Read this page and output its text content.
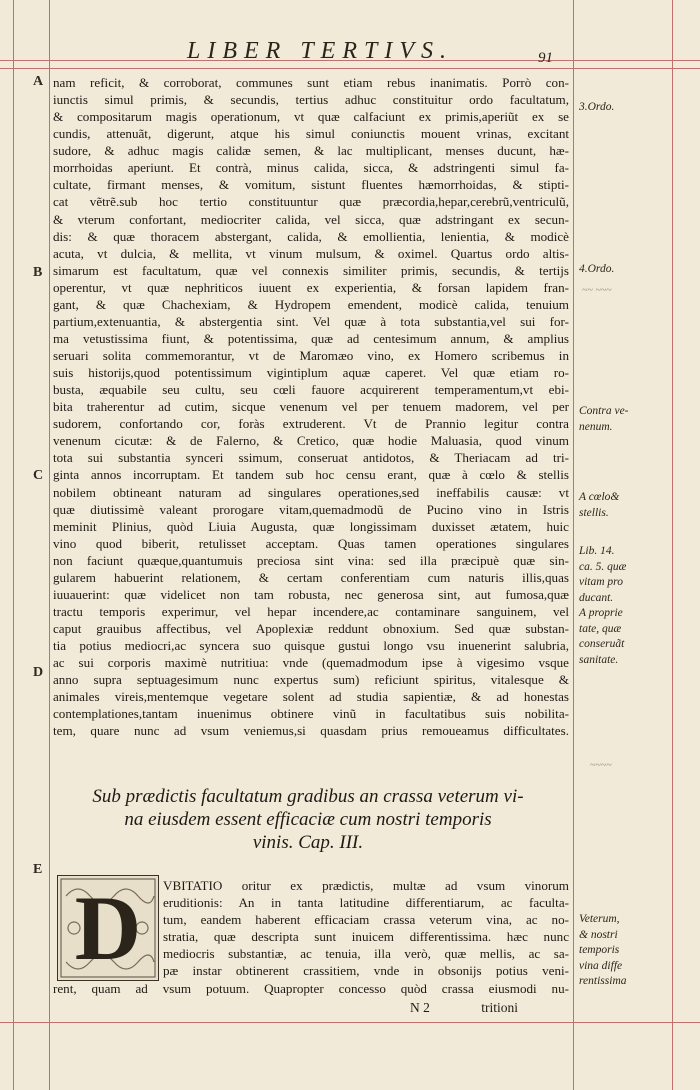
LIBER TERTIVS.	91
A
B
C
D
E
nam reficit, & corroborat, communes sunt etiam rebus inanimatis. Porrò con-
iunctis simul primis, & secundis, tertius adhuc constituitur ordo facultatum,
& compositarum magis operationum, vt quæ calfaciunt ex primis,aperiũt ex se
cundis, attenuãt, digerunt, atque his simul coniunctis mouent vrinas, excitant
sudore, & adhuc magis calidæ semen, & lac multiplicant, menses ducunt, hæ-
morrhoidas aperiunt. Et contrà, minus calida, sicca, & adstringenti simul fa-
cultate, firmant menses, & vomitum, sistunt fluentes hæmorrhoidas, & stipti-
cat vẽtrẽ.sub hoc tertio constituuntur quæ præcordia,hepar,cerebrũ,ventriculũ,
& vterum confortant, mediocriter calida, vel sicca, quæ adstringant ex secun-
dis: & quæ thoracem abstergant, calida, & emollientia, lenientia, & modicè
acuta, vt dulcia, & mellita, vt vinum mulsum, & oximel. Quartus ordo altis-
simarum est facultatum, quæ vel connexis similiter primis, secundis, & tertijs
operentur, vt quæ nephriticos iuuent ex experientia, & forsan lapidem fran-
gant, & quæ Chachexiam, & Hydropem emendent, modicè calida, tenuium
partium,extenuantia, & abstergentia sint. Vel quæ à tota substantia,vel sui for-
ma vetustissima fiunt, & potentissima, quæ ad centesimum annum, & amplius
seruari solita commemorantur, vt de Maromæo vino, ex Homero scribemus in
suis historijs,quod potentissimum vigintiplum aquæ caperet. Vel quæ etiam ro-
busta, æquabile seu cultu, seu cœli fauore acquirerent temperamentum,vt ebi-
bita traherentur ad cutim, sicque venenum vel per tenuem madorem, vel per
sudorem, confortando cor, foràs extruderent. Vt de Prannio legitur contra
venenum cicutæ: & de Falerno, & Cretico, quæ hodie Maluasia, quod vinum
tota sui substantia synceri ssimum, conseruat antidotos, & Theriacam ad tri-
ginta annos incorruptam. Et tandem sub hoc censu erant, quæ à cœlo & stellis
nobilem obtineant naturam ad singulares operationes,sed ineffabilis causæ: vt
quæ diutissimè valeant prorogare vitam,quemadmodũ de Pucino vino in Istris
meminit Plinius, quòd Liuia Augusta, quæ longissimam duxisset ætatem, huic
vino quod biberit, retulisset acceptam. Quas tamen operationes singulares
non faciunt quæque,quantumuis preciosa sint vina: sed illa præcipuè quæ sin-
gularem habuerint relationem, & certam conferentiam cum naturis illis,quas
iuuauerint: quæ videlicet non tam robusta, nec generosa sint, aut fumosa,quæ
tractu temporis experimur, vel hepar incendere,ac contaminare sanguinem, vel
caput grauibus affectibus, vel Apoplexiæ reddunt obnoxium. Sed quæ substan-
tia potius mediocri,ac syncera suo quisque gustui longo vsu inuenerint salubria,
ac sui corporis maximè nutritiua: vnde (quemadmodum ipse à vigesimo vsque
anno supra septuagesimum nunc expertus sum) reficiunt spiritus, vitalesque &
animales vireis,mentemque vegetare solent ad studia sapientiæ, & ad honestas
contemplationes,tantam inuenimus obtinere vinũ in facultatibus suis nobilita-
tem, quare nunc ad vsum veniemus,si quasdam prius remoueamus difficultates.
Sub prædictis facultatum gradibus an crassa veterum vi-
na eiusdem essent efficaciæ cum nostri temporis
vinis. Cap. III.
D	VBITATIO oritur ex prædictis, multæ ad vsum vinorum
eruditionis: An in tanta latitudine differentiarum, ac faculta-
tum, eandem haberent efficaciam crassa veterum vina, ac no-
stratia, quæ descripta sunt inuicem differentissima. hæc nunc
mediocris substantiæ, ac tenuia, illa verò, quæ mellis, ac sa-
pæ instar obtinerent crassitiem, vnde in obsonijs potius veni-
rent, quam ad vsum potuum. Quapropter concesso quòd crassa eiusmodi nu-
N 2	tritioni
3.Ordo.
4.Ordo.
~~ ~~~
Contra ve-
nenum.
A cœlo&
stellis.
Lib. 14.
ca. 5. quæ
vitam pro
ducant.
A proprie
tate, quæ
conseruãt
sanitate.
~~~~
Veterum,
& nostri
temporis
vina diffe
rentissima
